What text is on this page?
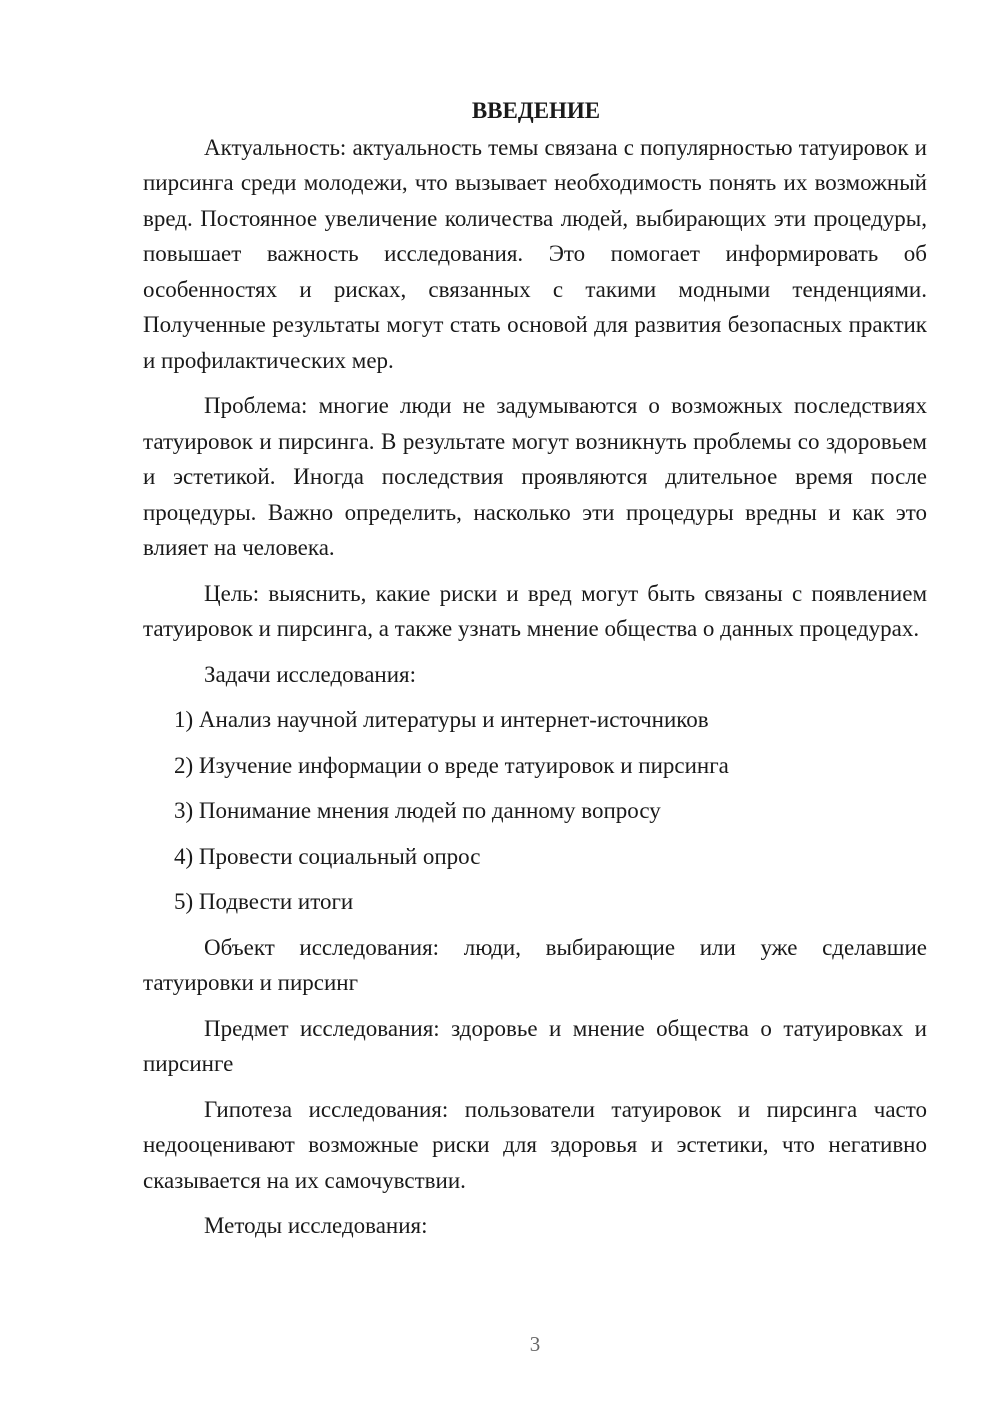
ВВЕДЕНИЕ

Актуальность: актуальность темы связана с популярностью татуировок и пирсинга среди молодежи, что вызывает необходимость понять их возможный вред. Постоянное увеличение количества людей, выбирающих эти процедуры, повышает важность исследования. Это помогает информировать об особенностях и рисках, связанных с такими модными тенденциями. Полученные результаты могут стать основой для развития безопасных практик и профилактических мер.

Проблема: многие люди не задумываются о возможных последствиях татуировок и пирсинга. В результате могут возникнуть проблемы со здоровьем и эстетикой. Иногда последствия проявляются длительное время после процедуры. Важно определить, насколько эти процедуры вредны и как это влияет на человека.

Цель: выяснить, какие риски и вред могут быть связаны с появлением татуировок и пирсинга, а также узнать мнение общества о данных процедурах.

Задачи исследования:

1) Анализ научной литературы и интернет-источников
2) Изучение информации о вреде татуировок и пирсинга
3) Понимание мнения людей по данному вопросу
4) Провести социальный опрос
5) Подвести итоги

Объект исследования: люди, выбирающие или уже сделавшие татуировки и пирсинг

Предмет исследования: здоровье и мнение общества о татуировках и пирсинге

Гипотеза исследования: пользователи татуировок и пирсинга часто недооценивают возможные риски для здоровья и эстетики, что негативно сказывается на их самочувствии.

Методы исследования:

3
